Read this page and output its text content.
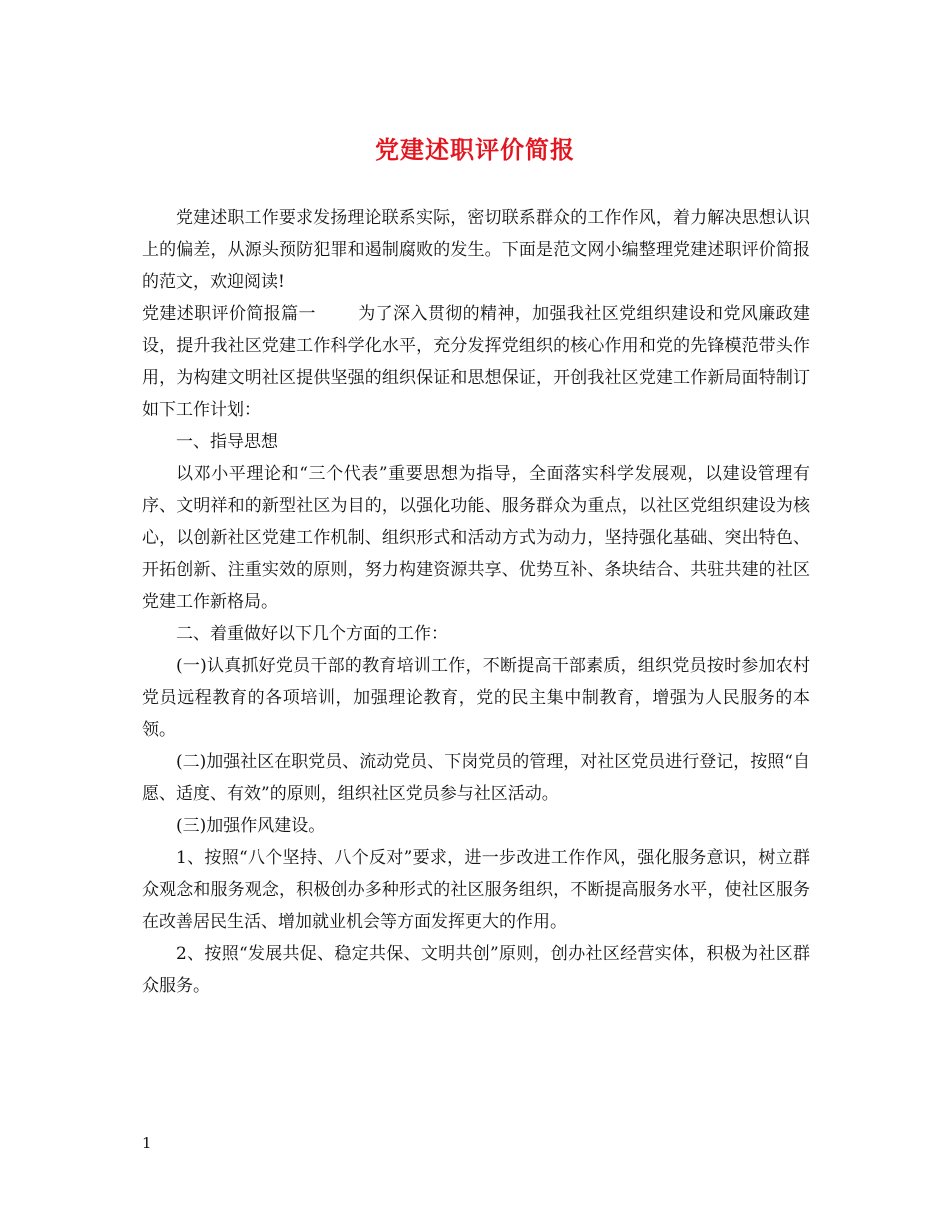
党建述职评价简报

党建述职工作要求发扬理论联系实际，密切联系群众的工作作风，着力解决思想认识上的偏差，从源头预防犯罪和遏制腐败的发生。下面是范文网小编整理党建述职评价简报的范文，欢迎阅读!

党建述职评价简报篇一 为了深入贯彻的精神，加强我社区党组织建设和党风廉政建设，提升我社区党建工作科学化水平，充分发挥党组织的核心作用和党的先锋模范带头作用，为构建文明社区提供坚强的组织保证和思想保证，开创我社区党建工作新局面特制订如下工作计划：

一、指导思想

以邓小平理论和“三个代表”重要思想为指导，全面落实科学发展观，以建设管理有序、文明祥和的新型社区为目的，以强化功能、服务群众为重点，以社区党组织建设为核心，以创新社区党建工作机制、组织形式和活动方式为动力，坚持强化基础、突出特色、开拓创新、注重实效的原则，努力构建资源共享、优势互补、条块结合、共驻共建的社区党建工作新格局。

二、着重做好以下几个方面的工作：

(一)认真抓好党员干部的教育培训工作，不断提高干部素质，组织党员按时参加农村党员远程教育的各项培训，加强理论教育，党的民主集中制教育，增强为人民服务的本领。

(二)加强社区在职党员、流动党员、下岗党员的管理，对社区党员进行登记，按照“自愿、适度、有效”的原则，组织社区党员参与社区活动。

(三)加强作风建设。

1、按照“八个坚持、八个反对”要求，进一步改进工作作风，强化服务意识，树立群众观念和服务观念，积极创办多种形式的社区服务组织，不断提高服务水平，使社区服务在改善居民生活、增加就业机会等方面发挥更大的作用。

2、按照“发展共促、稳定共保、文明共创”原则，创办社区经营实体，积极为社区群众服务。

1
